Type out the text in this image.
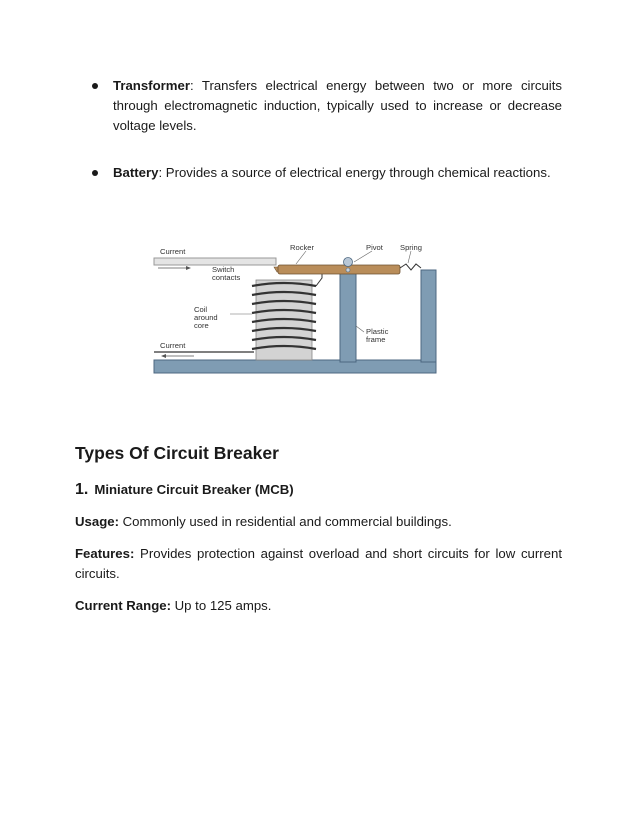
Transformer: Transfers electrical energy between two or more circuits through electromagnetic induction, typically used to increase or decrease voltage levels.
Battery: Provides a source of electrical energy through chemical reactions.
Current	Rocker	Pivot Spring
Switch
contacts
Coil
around
core
Plastic
frame
Current
Types Of Circuit Breaker
1. Miniature Circuit Breaker (MCB)

Usage: Commonly used in residential and commercial buildings.

Features: Provides protection against overload and short circuits for low current circuits.

Current Range: Up to 125 amps.
